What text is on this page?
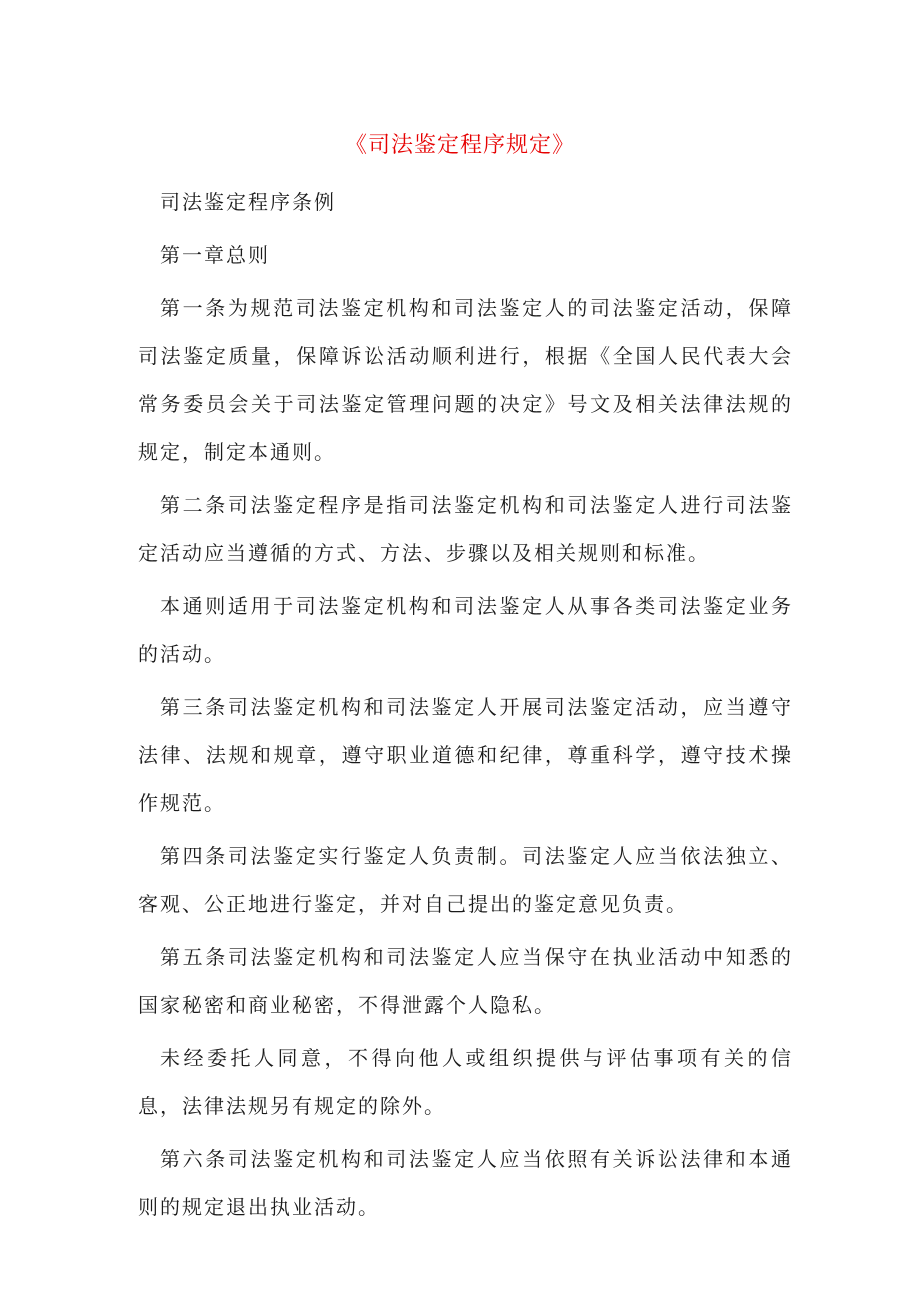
《司法鉴定程序规定》

司法鉴定程序条例

第一章总则

第一条为规范司法鉴定机构和司法鉴定人的司法鉴定活动，保障司法鉴定质量，保障诉讼活动顺利进行，根据《全国人民代表大会常务委员会关于司法鉴定管理问题的决定》号文及相关法律法规的规定，制定本通则。

第二条司法鉴定程序是指司法鉴定机构和司法鉴定人进行司法鉴定活动应当遵循的方式、方法、步骤以及相关规则和标准。

本通则适用于司法鉴定机构和司法鉴定人从事各类司法鉴定业务的活动。

第三条司法鉴定机构和司法鉴定人开展司法鉴定活动，应当遵守法律、法规和规章，遵守职业道德和纪律，尊重科学，遵守技术操作规范。

第四条司法鉴定实行鉴定人负责制。司法鉴定人应当依法独立、客观、公正地进行鉴定，并对自己提出的鉴定意见负责。

第五条司法鉴定机构和司法鉴定人应当保守在执业活动中知悉的国家秘密和商业秘密，不得泄露个人隐私。

未经委托人同意，不得向他人或组织提供与评估事项有关的信息，法律法规另有规定的除外。

第六条司法鉴定机构和司法鉴定人应当依照有关诉讼法律和本通则的规定退出执业活动。
